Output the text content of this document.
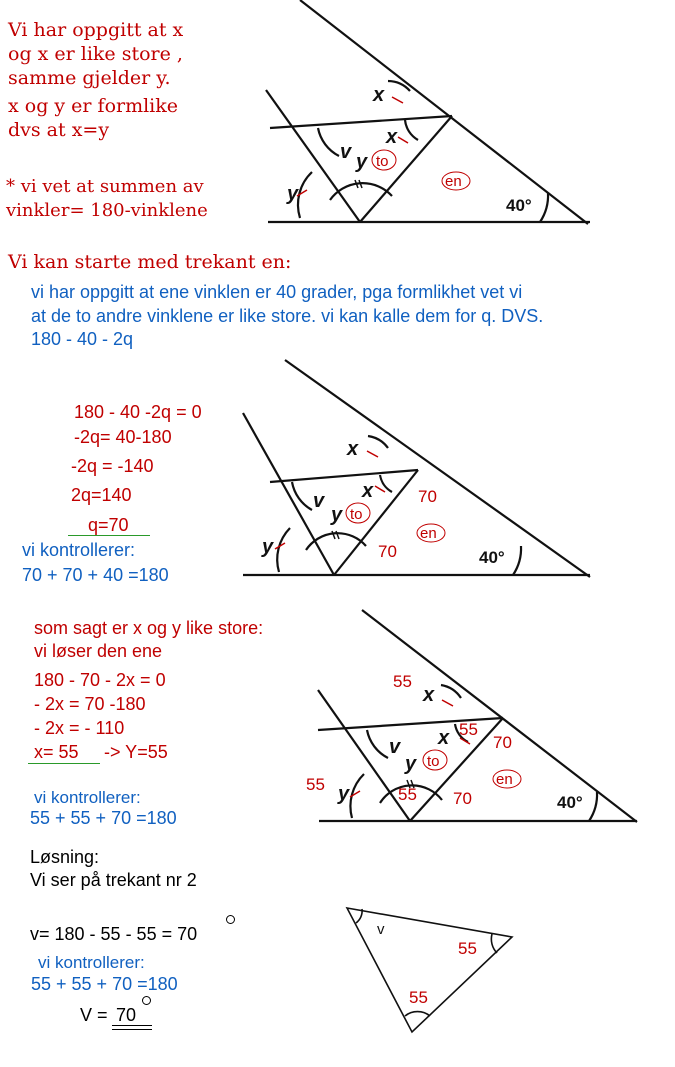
Vi har oppgitt at x
og x er like store ,
samme gjelder y.
x og y er formlike
dvs at x=y
* vi vet at summen av
vinkler= 180-vinklene
x
x
y
y
v
40°
to
en
Vi kan starte med trekant en:
vi har oppgitt at ene vinklen er 40 grader, pga formlikhet vet vi
at de to andre vinklene er like store. vi kan kalle dem for q. DVS.
180 - 40 - 2q
180 - 40 -2q = 0
-2q= 40-180
-2q = -140
2q=140
q=70
vi kontrollerer:
70 + 70 + 40 =180
x
x
y
y
v
40°
to
en
70
70
som sagt er x og y like store:
vi løser den ene
180 - 70 - 2x = 0
- 2x = 70 -180
- 2x = - 110
x= 55 -> Y=55
vi kontrollerer:
55 + 55 + 70 =180
x
x
y
y
v
40°
to
en
55
55
70
55
55 70
Løsning:
Vi ser på trekant nr 2
v= 180 - 55 - 55 = 70
vi kontrollerer:
55 + 55 + 70 =180
V = 70
v
55
55
